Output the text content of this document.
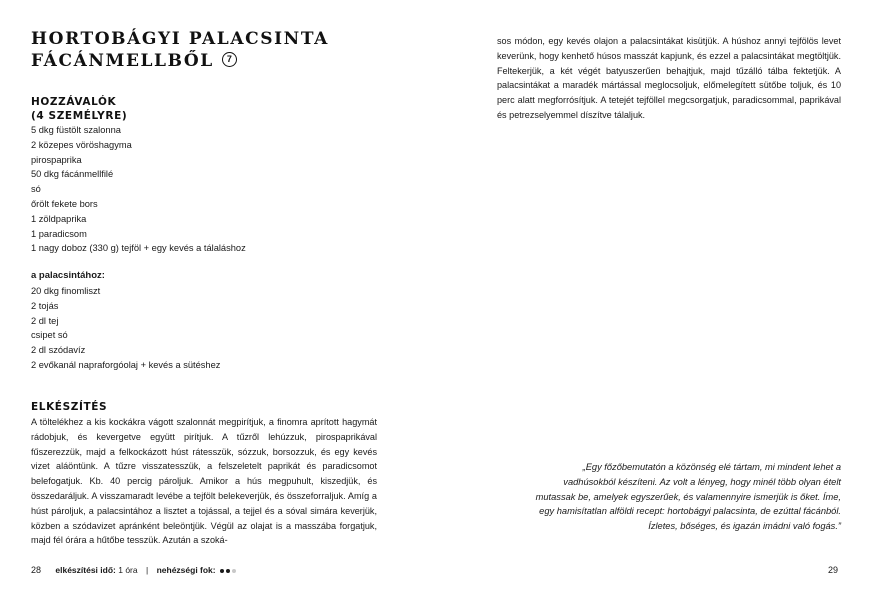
HORTOBÁGYI PALACSINTA
FÁCÁNMELLBŐL 7
HOZZÁVALÓK
(4 SZEMÉLYRE)
5 dkg füstölt szalonna
2 közepes vöröshagyma
pirospaprika
50 dkg fácánmellfilé
só
őrölt fekete bors
1 zöldpaprika
1 paradicsom
1 nagy doboz (330 g) tejföl + egy kevés a tálaláshoz
a palacsintához:
20 dkg finomliszt
2 tojás
2 dl tej
csipet só
2 dl szódavíz
2 evőkanál napraforgóolaj + kevés a sütéshez
ELKÉSZÍTÉS

A töltelékhez a kis kockákra vágott szalonnát megpirítjuk, a finomra aprított hagymát rádobjuk, és kevergetve együtt pirítjuk. A tűzről lehúzzuk, pirospaprikával fűszerezzük, majd a felkockázott húst rátesszük, sózzuk, borsozzuk, és egy kevés vizet aláöntünk. A tűzre visszatesszük, a felszeletelt paprikát és paradicsomot belefogatjuk. Kb. 40 percig pároljuk. Amikor a hús megpuhult, kiszedjük, és összedaráljuk. A visszamaradt levébe a tejfölt belekeverjük, és összeforraljuk. Amíg a húst pároljuk, a palacsintához a lisztet a tojással, a tejjel és a sóval simára keverjük, közben a szódavizet apránként beleöntjük. Végül az olajat is a masszába forgatjuk, majd fél órára a hűtőbe tesszük. Azután a szoká-

28 elkészítési idő: 1 óra | nehézségi fok:

sos módon, egy kevés olajon a palacsintákat kisütjük. A húshoz annyi tejfölös levet keverünk, hogy kenhető húsos masszát kapjunk, és ezzel a palacsintákat megtöltjük. Feltekerjük, a két végét batyuszerűen behajtjuk, majd tűzálló tálba fektetjük. A palacsintákat a maradék mártással meglocsoljuk, előmelegített sütőbe toljuk, és 10 perc alatt megforrósítjuk. A tetejét tejföllel megcsorgatjuk, paradicsommal, paprikával és petrezselyemmel díszítve tálaljuk.

„Egy főzőbemutatón a közönség elé tártam, mi mindent lehet a vadhúsokból készíteni. Az volt a lényeg, hogy minél több olyan ételt mutassak be, amelyek egyszerűek, és valamennyire ismerjük is őket. Íme, egy hamisítatlan alföldi recept: hortobágyi palacsinta, de ezúttal fácánból. Ízletes, bőséges, és igazán imádni való fogás.”

29
